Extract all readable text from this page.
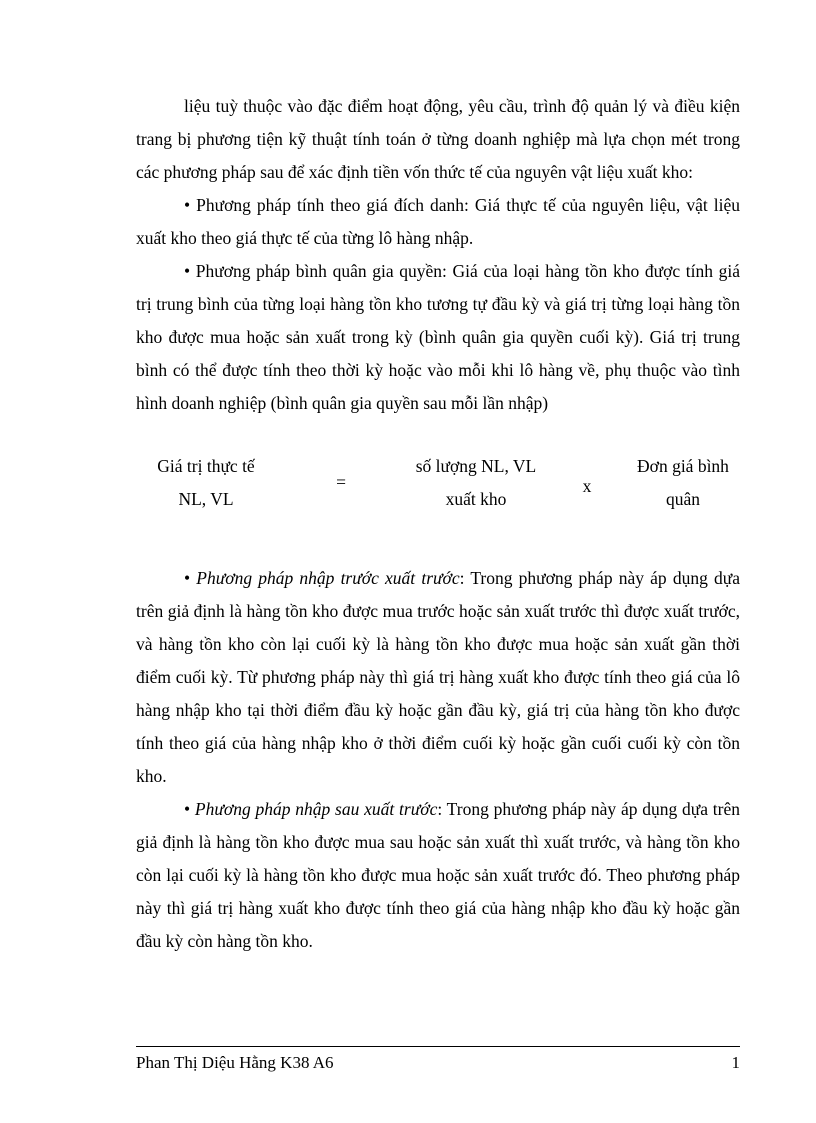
liệu tuỳ thuộc vào đặc điểm hoạt động, yêu cầu, trình độ quản lý và điều kiện trang bị phương tiện kỹ thuật tính toán ở từng doanh nghiệp mà lựa chọn mét trong các phương pháp sau để xác định tiền vốn thức tế của nguyên vật liệu xuất kho:

• Phương pháp tính theo giá đích danh: Giá thực tế của nguyên liệu, vật liệu xuất kho theo giá thực tế của từng lô hàng nhập.

• Phương pháp bình quân gia quyền: Giá của loại hàng tồn kho được tính giá trị trung bình của từng loại hàng tồn kho tương tự đầu kỳ và giá trị từng loại hàng tồn kho được mua hoặc sản xuất trong kỳ (bình quân gia quyền cuối kỳ). Giá trị trung bình có thể được tính theo thời kỳ hoặc vào mỗi khi lô hàng về, phụ thuộc vào tình hình doanh nghiệp (bình quân gia quyền sau mỗi lần nhập)

Giá trị thực tế
NL, VL
=
số lượng NL, VL
xuất kho
x
Đơn giá bình
quân

• Phương pháp nhập trước xuất trước: Trong phương pháp này áp dụng dựa trên giả định là hàng tồn kho được mua trước hoặc sản xuất trước thì được xuất trước, và hàng tồn kho còn lại cuối kỳ là hàng tồn kho được mua hoặc sản xuất gần thời điểm cuối kỳ. Từ phương pháp này thì giá trị hàng xuất kho được tính theo giá của lô hàng nhập kho tại thời điểm đầu kỳ hoặc gần đầu kỳ, giá trị của hàng tồn kho được tính theo giá của hàng nhập kho ở thời điểm cuối kỳ hoặc gần cuối cuối kỳ còn tồn kho.

• Phương pháp nhập sau xuất trước: Trong phương pháp này áp dụng dựa trên giả định là hàng tồn kho được mua sau hoặc sản xuất thì xuất trước, và hàng tồn kho còn lại cuối kỳ là hàng tồn kho được mua hoặc sản xuất trước đó. Theo phương pháp này thì giá trị hàng xuất kho được tính theo giá của hàng nhập kho đầu kỳ hoặc gần đầu kỳ còn hàng tồn kho.

Phan Thị Diệu Hằng K38 A6	1
